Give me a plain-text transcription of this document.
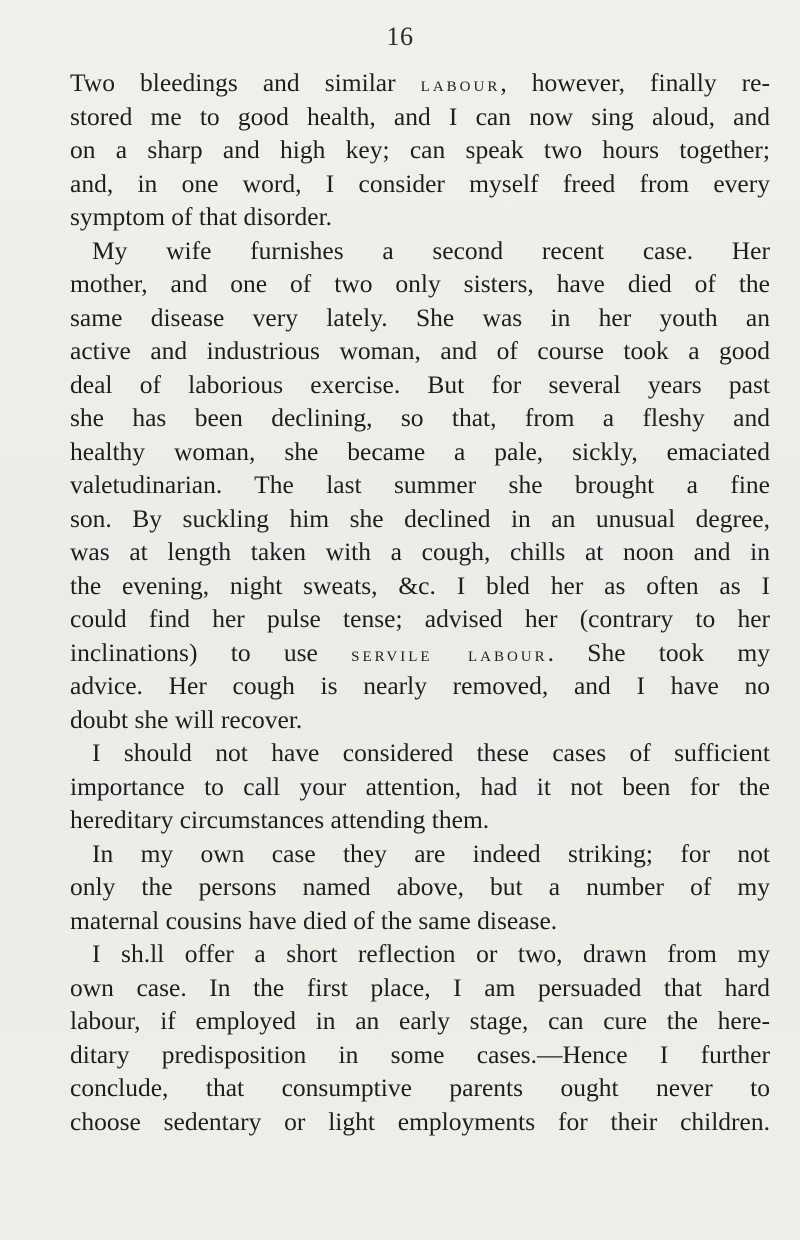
16
Two bleedings and similar labour, however, finally re-
stored me to good health, and I can now sing aloud, and
on a sharp and high key; can speak two hours together;
and, in one word, I consider myself freed from every
symptom of that disorder.
My wife furnishes a second recent case. Her
mother, and one of two only sisters, have died of the
same disease very lately. She was in her youth an
active and industrious woman, and of course took a good
deal of laborious exercise. But for several years past
she has been declining, so that, from a fleshy and
healthy woman, she became a pale, sickly, emaciated
valetudinarian. The last summer she brought a fine
son. By suckling him she declined in an unusual degree,
was at length taken with a cough, chills at noon and in
the evening, night sweats, &c. I bled her as often as I
could find her pulse tense; advised her (contrary to her
inclinations) to use servile labour. She took my
advice. Her cough is nearly removed, and I have no
doubt she will recover.
I should not have considered these cases of sufficient
importance to call your attention, had it not been for the
hereditary circumstances attending them.
In my own case they are indeed striking; for not
only the persons named above, but a number of my
maternal cousins have died of the same disease.
I sh.ll offer a short reflection or two, drawn from my
own case. In the first place, I am persuaded that hard
labour, if employed in an early stage, can cure the here-
ditary predisposition in some cases.—Hence I further
conclude, that consumptive parents ought never to
choose sedentary or light employments for their children.
